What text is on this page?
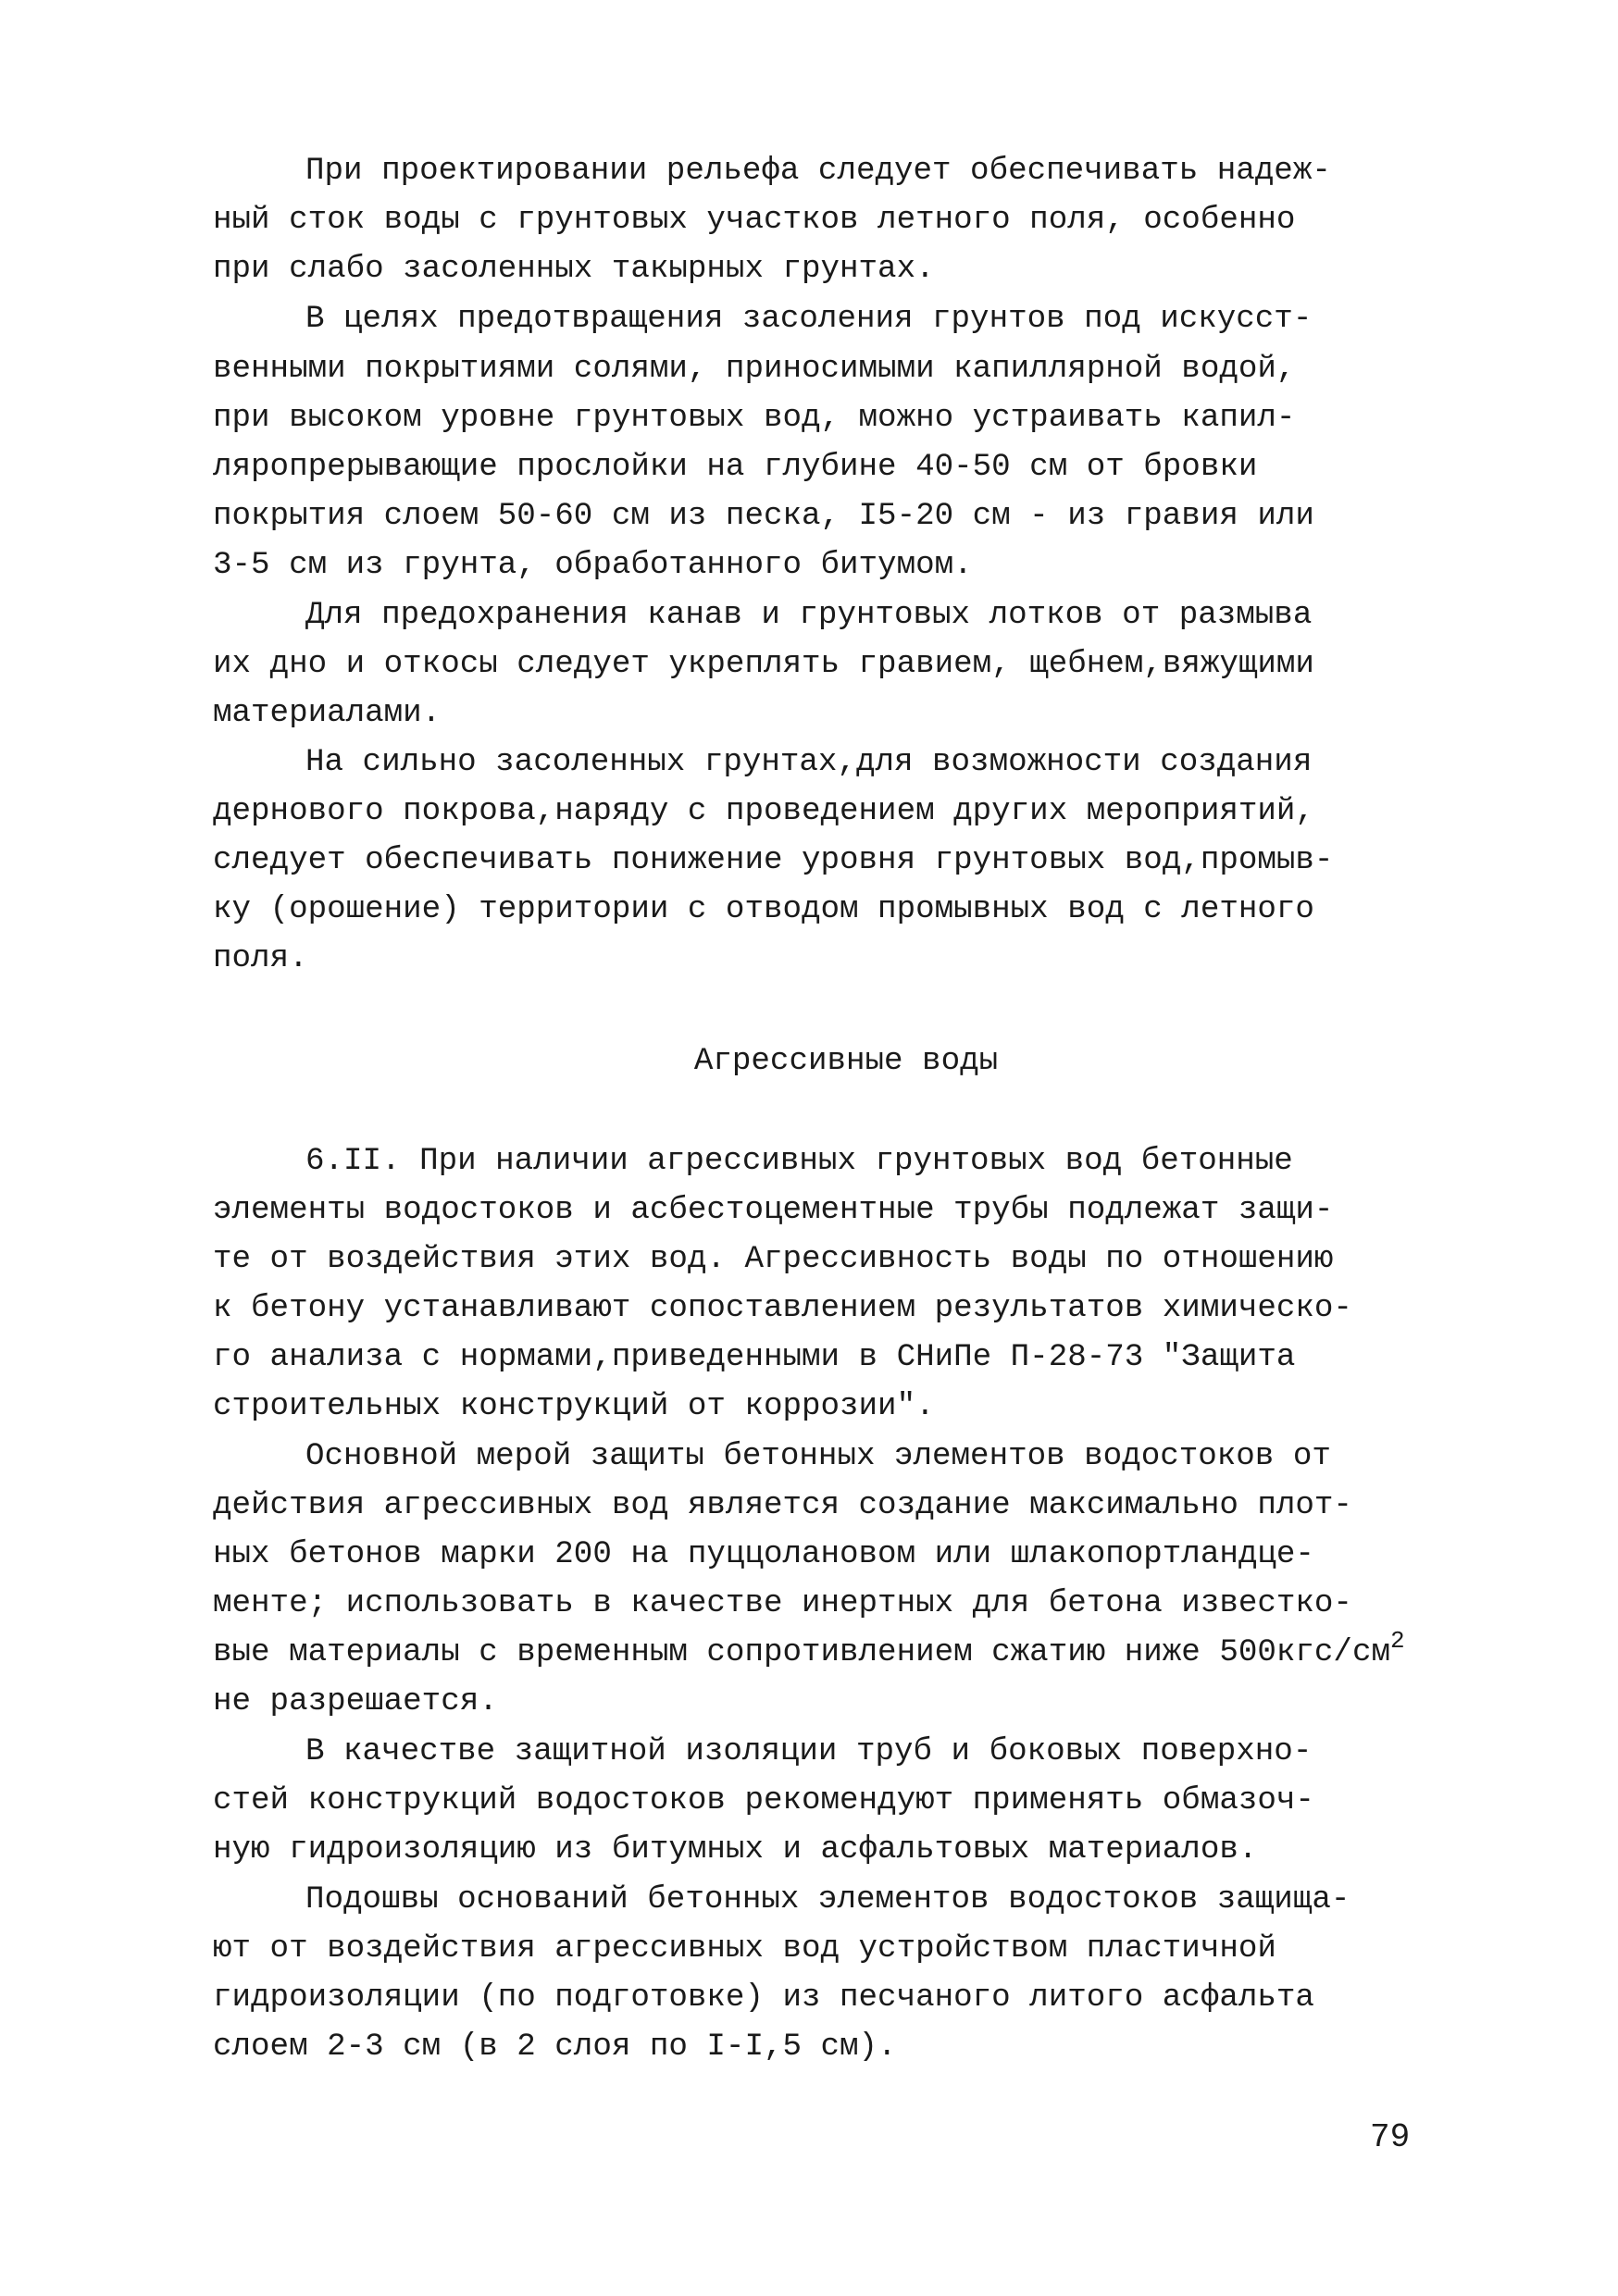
При проектировании рельефа следует обеспечивать надеж-
ный сток воды с грунтовых участков летного поля, особенно
при слабо засоленных такырных грунтах.
В целях предотвращения засоления грунтов под искусст-
венными покрытиями солями, приносимыми капиллярной водой,
при высоком уровне грунтовых вод, можно устраивать капил-
ляропрерывающие прослойки на глубине 40-50 см от бровки
покрытия слоем 50-60 см из песка, I5-20 см - из гравия или
3-5 см из грунта, обработанного битумом.
Для предохранения канав и грунтовых лотков от размыва
их дно и откосы следует укреплять гравием, щебнем,вяжущими
материалами.
На сильно засоленных грунтах,для возможности создания
дернового покрова,наряду с проведением других мероприятий,
следует обеспечивать понижение уровня грунтовых вод,промыв-
ку (орошение) территории с отводом промывных вод с летного
поля.
Агрессивные воды
6.II. При наличии агрессивных грунтовых вод бетонные
элементы водостоков и асбестоцементные трубы подлежат защи-
те от воздействия этих вод. Агрессивность воды по отношению
к бетону устанавливают сопоставлением результатов химическо-
го анализа с нормами,приведенными в СНиПе П-28-73 "Защита
строительных конструкций от коррозии".
Основной мерой защиты бетонных элементов водостоков от
действия агрессивных вод является создание максимально плот-
ных бетонов марки 200 на пуццолановом или шлакопортландце-
менте; использовать в качестве инертных для бетона известко-
вые материалы с временным сопротивлением сжатию ниже $500кгс/см^2$
не разрешается.
В качестве защитной изоляции труб и боковых поверхно-
стей конструкций водостоков рекомендуют применять обмазоч-
ную гидроизоляцию из битумных и асфальтовых материалов.
Подошвы оснований бетонных элементов водостоков защища-
ют от воздействия агрессивных вод устройством пластичной
гидроизоляции (по подготовке) из песчаного литого асфальта
слоем 2-3 см (в 2 слоя по I-I,5 см).
79
